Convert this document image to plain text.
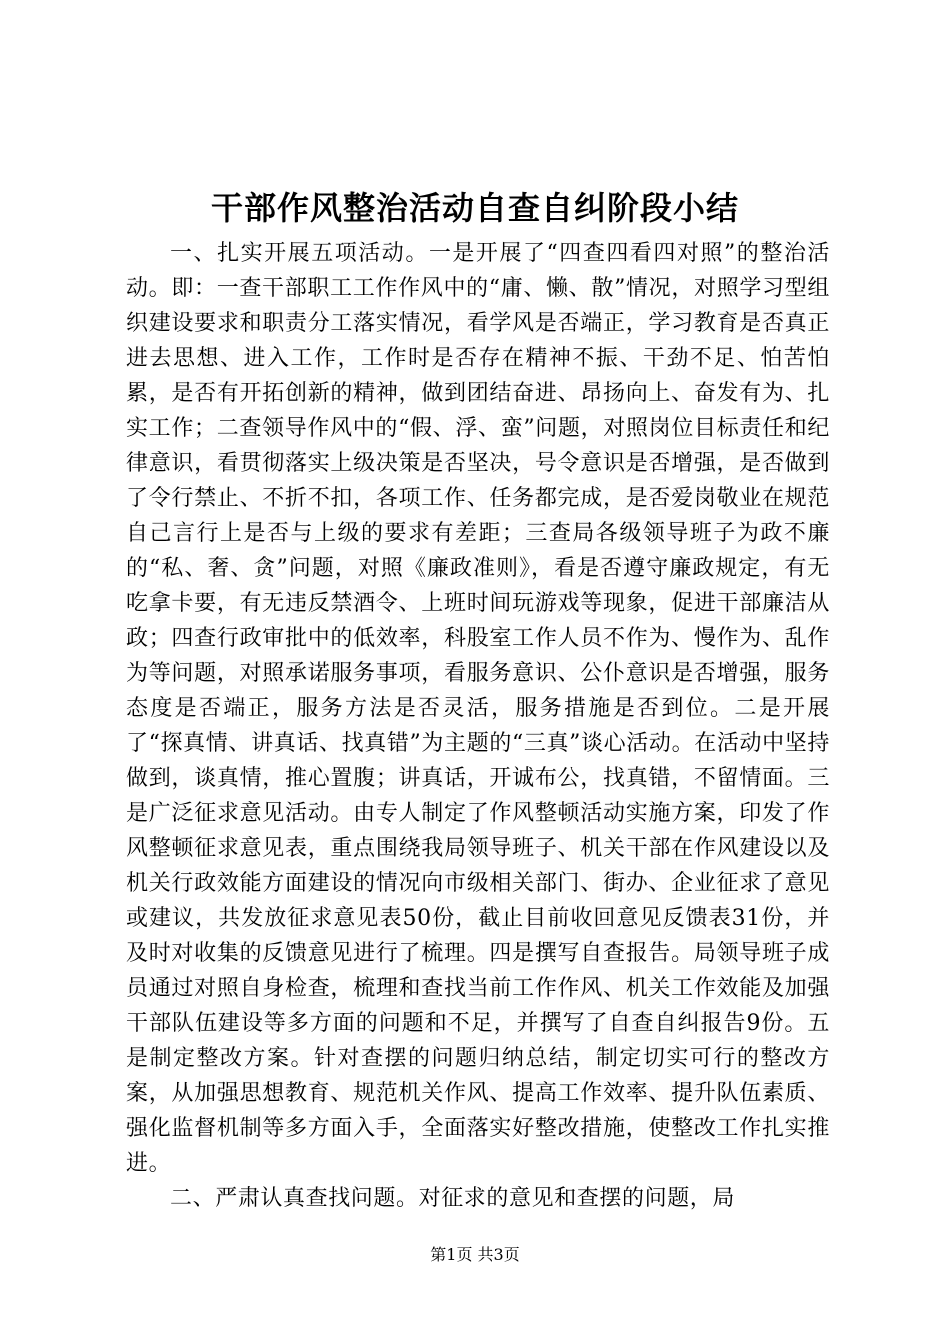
干部作风整治活动自查自纠阶段小结

一、扎实开展五项活动。一是开展了“四查四看四对照”的整治活动。即：一查干部职工工作作风中的“庸、懒、散”情况，对照学习型组织建设要求和职责分工落实情况，看学风是否端正，学习教育是否真正进去思想、进入工作，工作时是否存在精神不振、干劲不足、怕苦怕累，是否有开拓创新的精神，做到团结奋进、昂扬向上、奋发有为、扎实工作；二查领导作风中的“假、浮、蛮”问题，对照岗位目标责任和纪律意识，看贯彻落实上级决策是否坚决，号令意识是否增强，是否做到了令行禁止、不折不扣，各项工作、任务都完成，是否爱岗敬业在规范自己言行上是否与上级的要求有差距；三查局各级领导班子为政不廉的“私、奢、贪”问题，对照《廉政准则》，看是否遵守廉政规定，有无吃拿卡要，有无违反禁酒令、上班时间玩游戏等现象，促进干部廉洁从政；四查行政审批中的低效率，科股室工作人员不作为、慢作为、乱作为等问题，对照承诺服务事项，看服务意识、公仆意识是否增强，服务态度是否端正，服务方法是否灵活，服务措施是否到位。二是开展了“探真情、讲真话、找真错”为主题的“三真”谈心活动。在活动中坚持做到，谈真情，推心置腹；讲真话，开诚布公，找真错，不留情面。三是广泛征求意见活动。由专人制定了作风整顿活动实施方案，印发了作风整顿征求意见表，重点围绕我局领导班子、机关干部在作风建设以及机关行政效能方面建设的情况向市级相关部门、街办、企业征求了意见或建议，共发放征求意见表50份，截止目前收回意见反馈表31份，并及时对收集的反馈意见进行了梳理。四是撰写自查报告。局领导班子成员通过对照自身检查，梳理和查找当前工作作风、机关工作效能及加强干部队伍建设等多方面的问题和不足，并撰写了自查自纠报告9份。五是制定整改方案。针对查摆的问题归纳总结，制定切实可行的整改方案，从加强思想教育、规范机关作风、提高工作效率、提升队伍素质、强化监督机制等多方面入手，全面落实好整改措施，使整改工作扎实推进。

二、严肃认真查找问题。对征求的意见和查摆的问题，局

第1页 共3页
